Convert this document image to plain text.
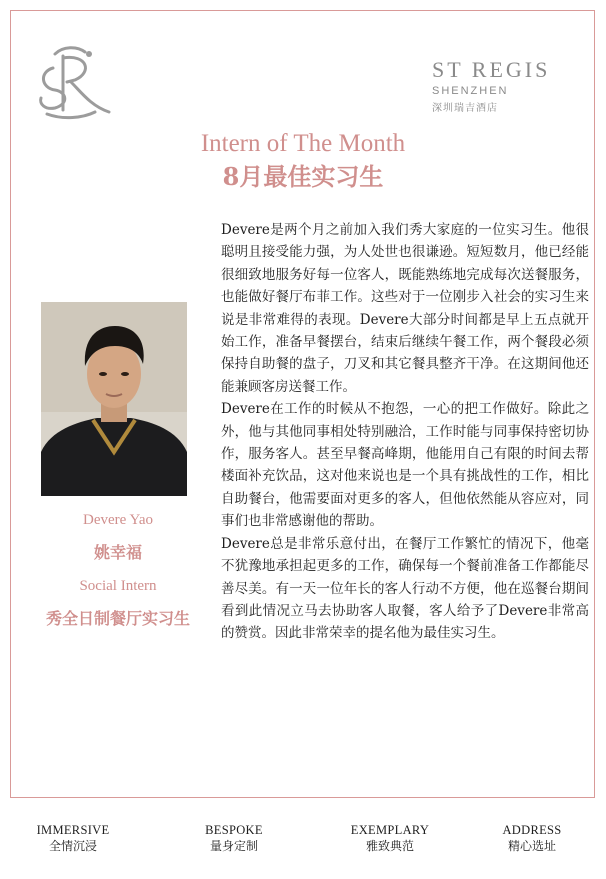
ST REGIS
SHENZHEN
深圳瑞吉酒店
Intern of The Month
8月最佳实习生
Devere Yao
姚幸福
Social Intern
秀全日制餐厅实习生

Devere是两个月之前加入我们秀大家庭的一位实习生。他很聪明且接受能力强，为人处世也很谦逊。短短数月，他已经能很细致地服务好每一位客人，既能熟练地完成每次送餐服务，也能做好餐厅布菲工作。这些对于一位刚步入社会的实习生来说是非常难得的表现。Devere大部分时间都是早上五点就开始工作，准备早餐摆台，结束后继续午餐工作，两个餐段必须保持自助餐的盘子，刀叉和其它餐具整齐干净。在这期间他还能兼顾客房送餐工作。

Devere在工作的时候从不抱怨，一心的把工作做好。除此之外，他与其他同事相处特别融洽，工作时能与同事保持密切协作，服务客人。甚至早餐高峰期，他能用自己有限的时间去帮楼面补充饮品，这对他来说也是一个具有挑战性的工作，相比自助餐台，他需要面对更多的客人，但他依然能从容应对，同事们也非常感谢他的帮助。

Devere总是非常乐意付出，在餐厅工作繁忙的情况下，他毫不犹豫地承担起更多的工作，确保每一个餐前准备工作都能尽善尽美。有一天一位年长的客人行动不方便，他在巡餐台期间看到此情况立马去协助客人取餐，客人给予了Devere非常高的赞赏。因此非常荣幸的提名他为最佳实习生。

IMMERSIVE
全情沉浸
BESPOKE
量身定制
EXEMPLARY
雅致典范
ADDRESS
精心选址
